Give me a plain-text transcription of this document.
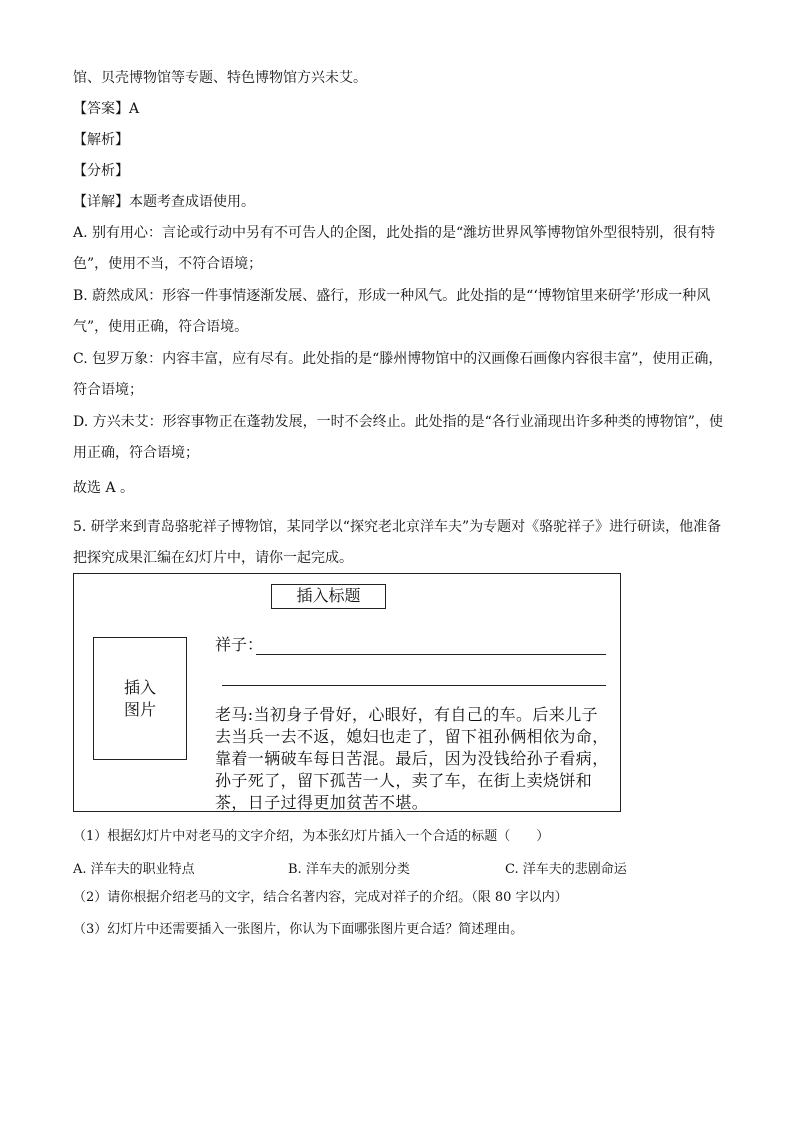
馆、贝壳博物馆等专题、特色博物馆方兴未艾。
【答案】A
【解析】
【分析】
【详解】本题考查成语使用。
A. 别有用心：言论或行动中另有不可告人的企图，此处指的是“潍坊世界风筝博物馆外型很特别，很有特色”，使用不当，不符合语境；
B. 蔚然成风：形容一件事情逐渐发展、盛行，形成一种风气。此处指的是“‘博物馆里来研学’形成一种风气”，使用正确，符合语境。
C. 包罗万象：内容丰富，应有尽有。此处指的是“滕州博物馆中的汉画像石画像内容很丰富”，使用正确，符合语境；
D. 方兴未艾：形容事物正在蓬勃发展，一时不会终止。此处指的是“各行业涌现出许多种类的博物馆”，使用正确，符合语境；
故选 A 。
5. 研学来到青岛骆驼祥子博物馆，某同学以“探究老北京洋车夫”为专题对《骆驼祥子》进行研读，他准备把探究成果汇编在幻灯片中，请你一起完成。
插入标题
插入
图片
祥子：
老马:当初身子骨好，心眼好，有自己的车。后来儿子去当兵一去不返，媳妇也走了，留下祖孙俩相依为命，靠着一辆破车每日苦混。最后，因为没钱给孙子看病，孙子死了，留下孤苦一人，卖了车，在街上卖烧饼和茶，日子过得更加贫苦不堪。
（1）根据幻灯片中对老马的文字介绍，为本张幻灯片插入一个合适的标题（　　）
A. 洋车夫的职业特点	B. 洋车夫的派别分类	C. 洋车夫的悲剧命运
（2）请你根据介绍老马的文字，结合名著内容，完成对祥子的介绍。（限 80 字以内）
（3）幻灯片中还需要插入一张图片，你认为下面哪张图片更合适？简述理由。
